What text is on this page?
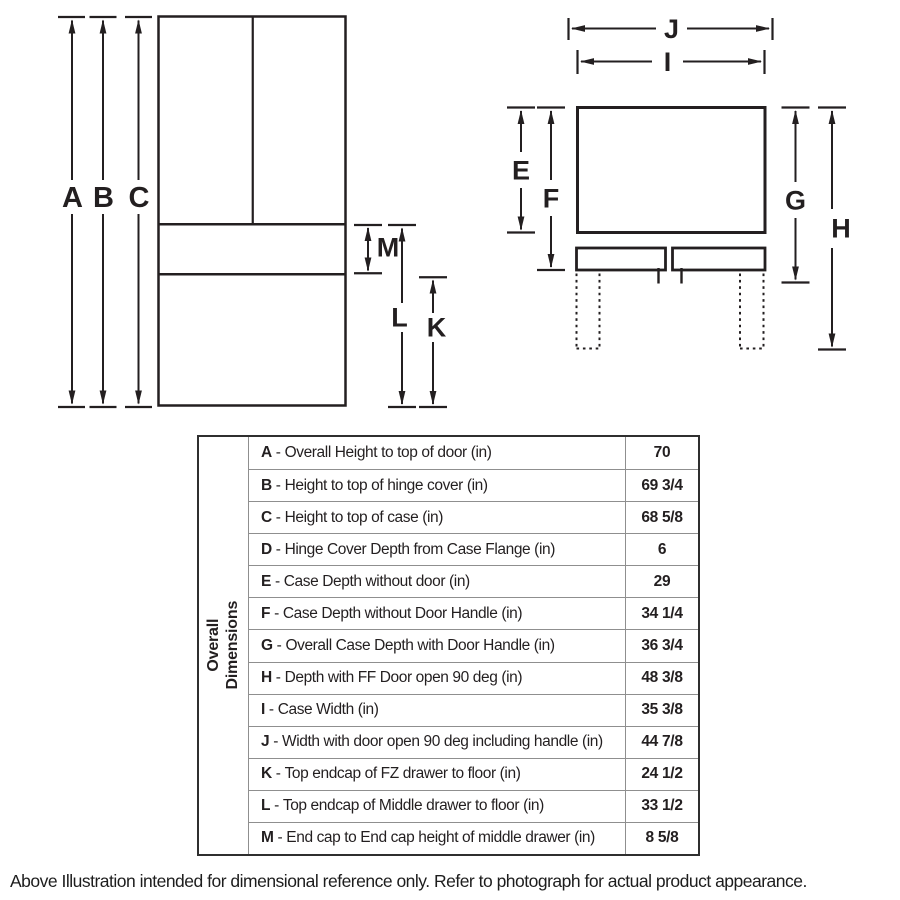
A B C
M
L K
J
I
E
F	G
H
Overall Dimensions
A - Overall Height to top of door (in)	70
B - Height to top of hinge cover (in)	69 3/4
C - Height to top of case (in)	68 5/8
D - Hinge Cover Depth from Case Flange (in)	6
E - Case Depth without door (in)	29
F - Case Depth without Door Handle (in)	34 1/4
G - Overall Case Depth with Door Handle (in)	36 3/4
H - Depth with FF Door open 90 deg (in)	48 3/8
I - Case Width (in)	35 3/8
J - Width with door open 90 deg including handle (in)	44 7/8
K - Top endcap of FZ drawer to floor (in)	24 1/2
L - Top endcap of Middle drawer to floor (in)	33 1/2
M - End cap to End cap height of middle drawer (in)	8 5/8
Above Illustration intended for dimensional reference only. Refer to photograph for actual product appearance.
